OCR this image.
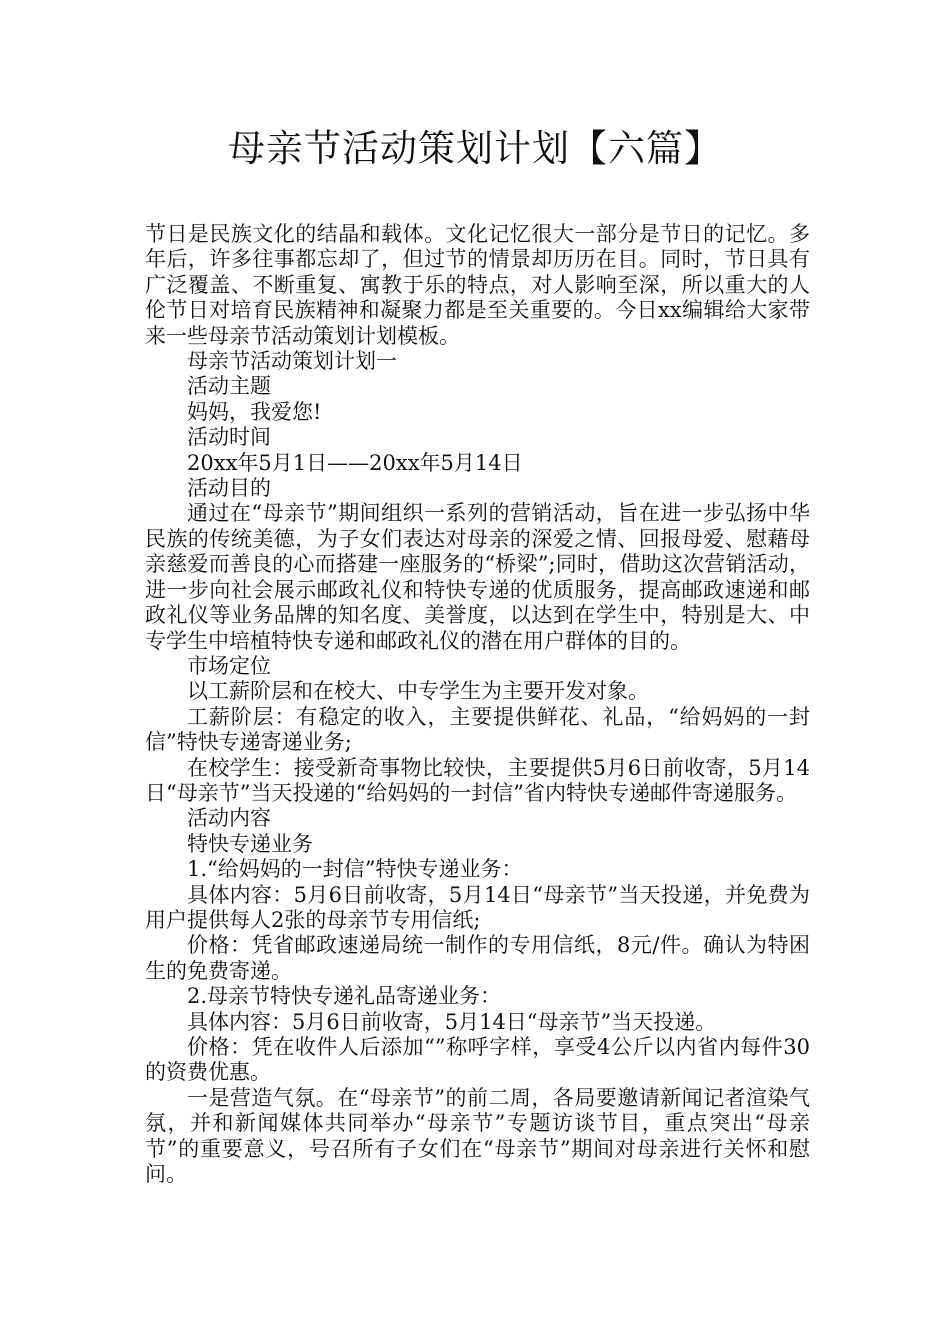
母亲节活动策划计划【六篇】

节日是民族文化的结晶和载体。文化记忆很大一部分是节日的记忆。多年后，许多往事都忘却了，但过节的情景却历历在目。同时，节日具有广泛覆盖、不断重复、寓教于乐的特点，对人影响至深，所以重大的人伦节日对培育民族精神和凝聚力都是至关重要的。今日xx编辑给大家带来一些母亲节活动策划计划模板。

母亲节活动策划计划一

活动主题

妈妈，我爱您!

活动时间

20xx年5月1日——20xx年5月14日

活动目的

通过在“母亲节”期间组织一系列的营销活动，旨在进一步弘扬中华民族的传统美德，为子女们表达对母亲的深爱之情、回报母爱、慰藉母亲慈爱而善良的心而搭建一座服务的“桥梁”;同时，借助这次营销活动，进一步向社会展示邮政礼仪和特快专递的优质服务，提高邮政速递和邮政礼仪等业务品牌的知名度、美誉度，以达到在学生中，特别是大、中专学生中培植特快专递和邮政礼仪的潜在用户群体的目的。

市场定位

以工薪阶层和在校大、中专学生为主要开发对象。

工薪阶层：有稳定的收入，主要提供鲜花、礼品，“给妈妈的一封信”特快专递寄递业务;

在校学生：接受新奇事物比较快，主要提供5月6日前收寄，5月14日“母亲节”当天投递的“给妈妈的一封信”省内特快专递邮件寄递服务。

活动内容

特快专递业务

1.“给妈妈的一封信”特快专递业务：

具体内容：5月6日前收寄，5月14日“母亲节”当天投递，并免费为用户提供每人2张的母亲节专用信纸;

价格：凭省邮政速递局统一制作的专用信纸，8元/件。确认为特困生的免费寄递。

2.母亲节特快专递礼品寄递业务：

具体内容：5月6日前收寄，5月14日“母亲节”当天投递。

价格：凭在收件人后添加“”称呼字样，享受4公斤以内省内每件30的资费优惠。

一是营造气氛。在“母亲节”的前二周，各局要邀请新闻记者渲染气氛，并和新闻媒体共同举办“母亲节”专题访谈节目，重点突出“母亲节”的重要意义，号召所有子女们在“母亲节”期间对母亲进行关怀和慰问。
